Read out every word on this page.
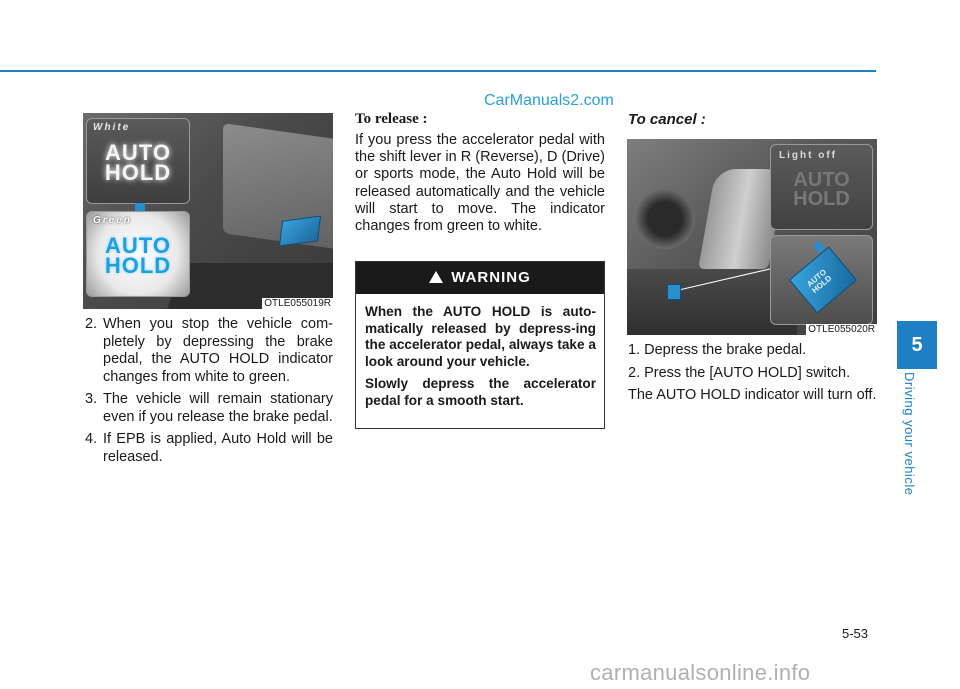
CarManuals2.com
White
AUTO
HOLD
Green
AUTO
HOLD
OTLE055019R
2. When you stop the vehicle com-pletely by depressing the brake pedal, the AUTO HOLD indicator changes from white to green.
3. The vehicle will remain stationary even if you release the brake pedal.
4. If EPB is applied, Auto Hold will be released.
To release :
If you press the accelerator pedal with the shift lever in R (Reverse), D (Drive) or sports mode, the Auto Hold will be released automatically and the vehicle will start to move. The indicator changes from green to white.
!WARNING

When the AUTO HOLD is auto-matically released by depress-ing the accelerator pedal, always take a look around your vehicle.

Slowly depress the accelerator pedal for a smooth start.

To cancel :
Light off
AUTO
HOLD
AUTO HOLD
OTLE055020R

1. Depress the brake pedal.

2. Press the [AUTO HOLD] switch.

The AUTO HOLD indicator will turn off.

5
Driving your vehicle
5-53
carmanualsonline.info
